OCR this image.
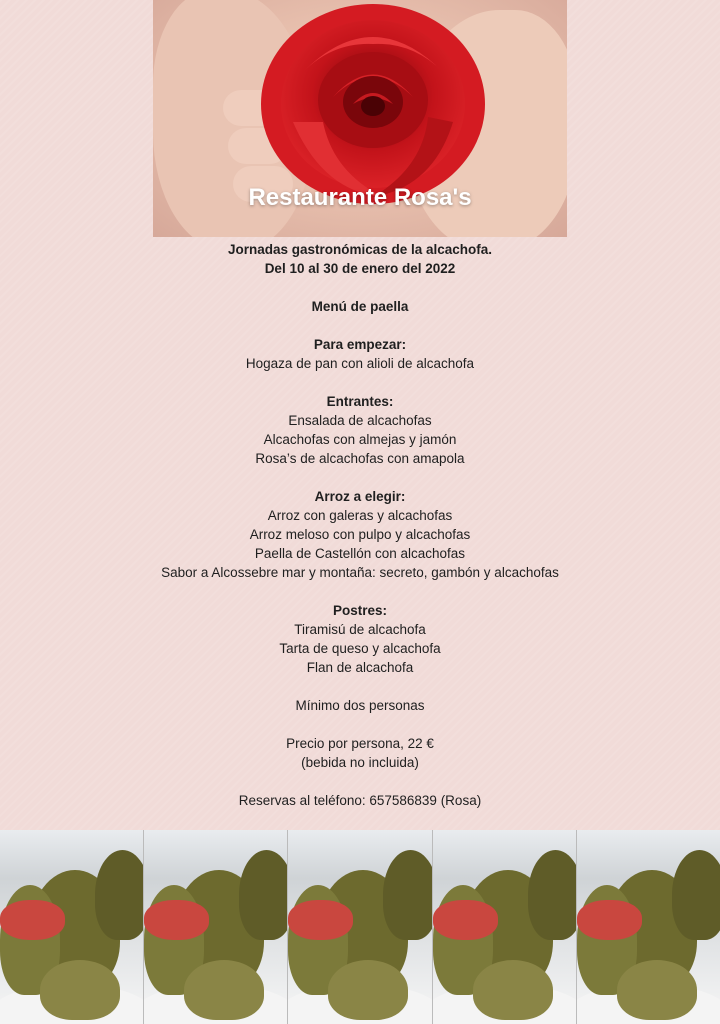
Restaurante Rosa's
Jornadas gastronómicas de la alcachofa.
Del 10 al 30 de enero del 2022
Menú de paella
Para empezar:
Hogaza de pan con alioli de alcachofa
Entrantes:
Ensalada de alcachofas
Alcachofas con almejas y jamón
Rosa’s de alcachofas con amapola
Arroz a elegir:
Arroz con galeras y alcachofas
Arroz meloso con pulpo y alcachofas
Paella de Castellón con alcachofas
Sabor a Alcossebre mar y montaña: secreto, gambón y alcachofas
Postres:
Tiramisú de alcachofa
Tarta de queso y alcachofa
Flan de alcachofa
Mínimo dos personas
Precio por persona, 22 €
(bebida no incluida)
Reservas al teléfono: 657586839 (Rosa)
